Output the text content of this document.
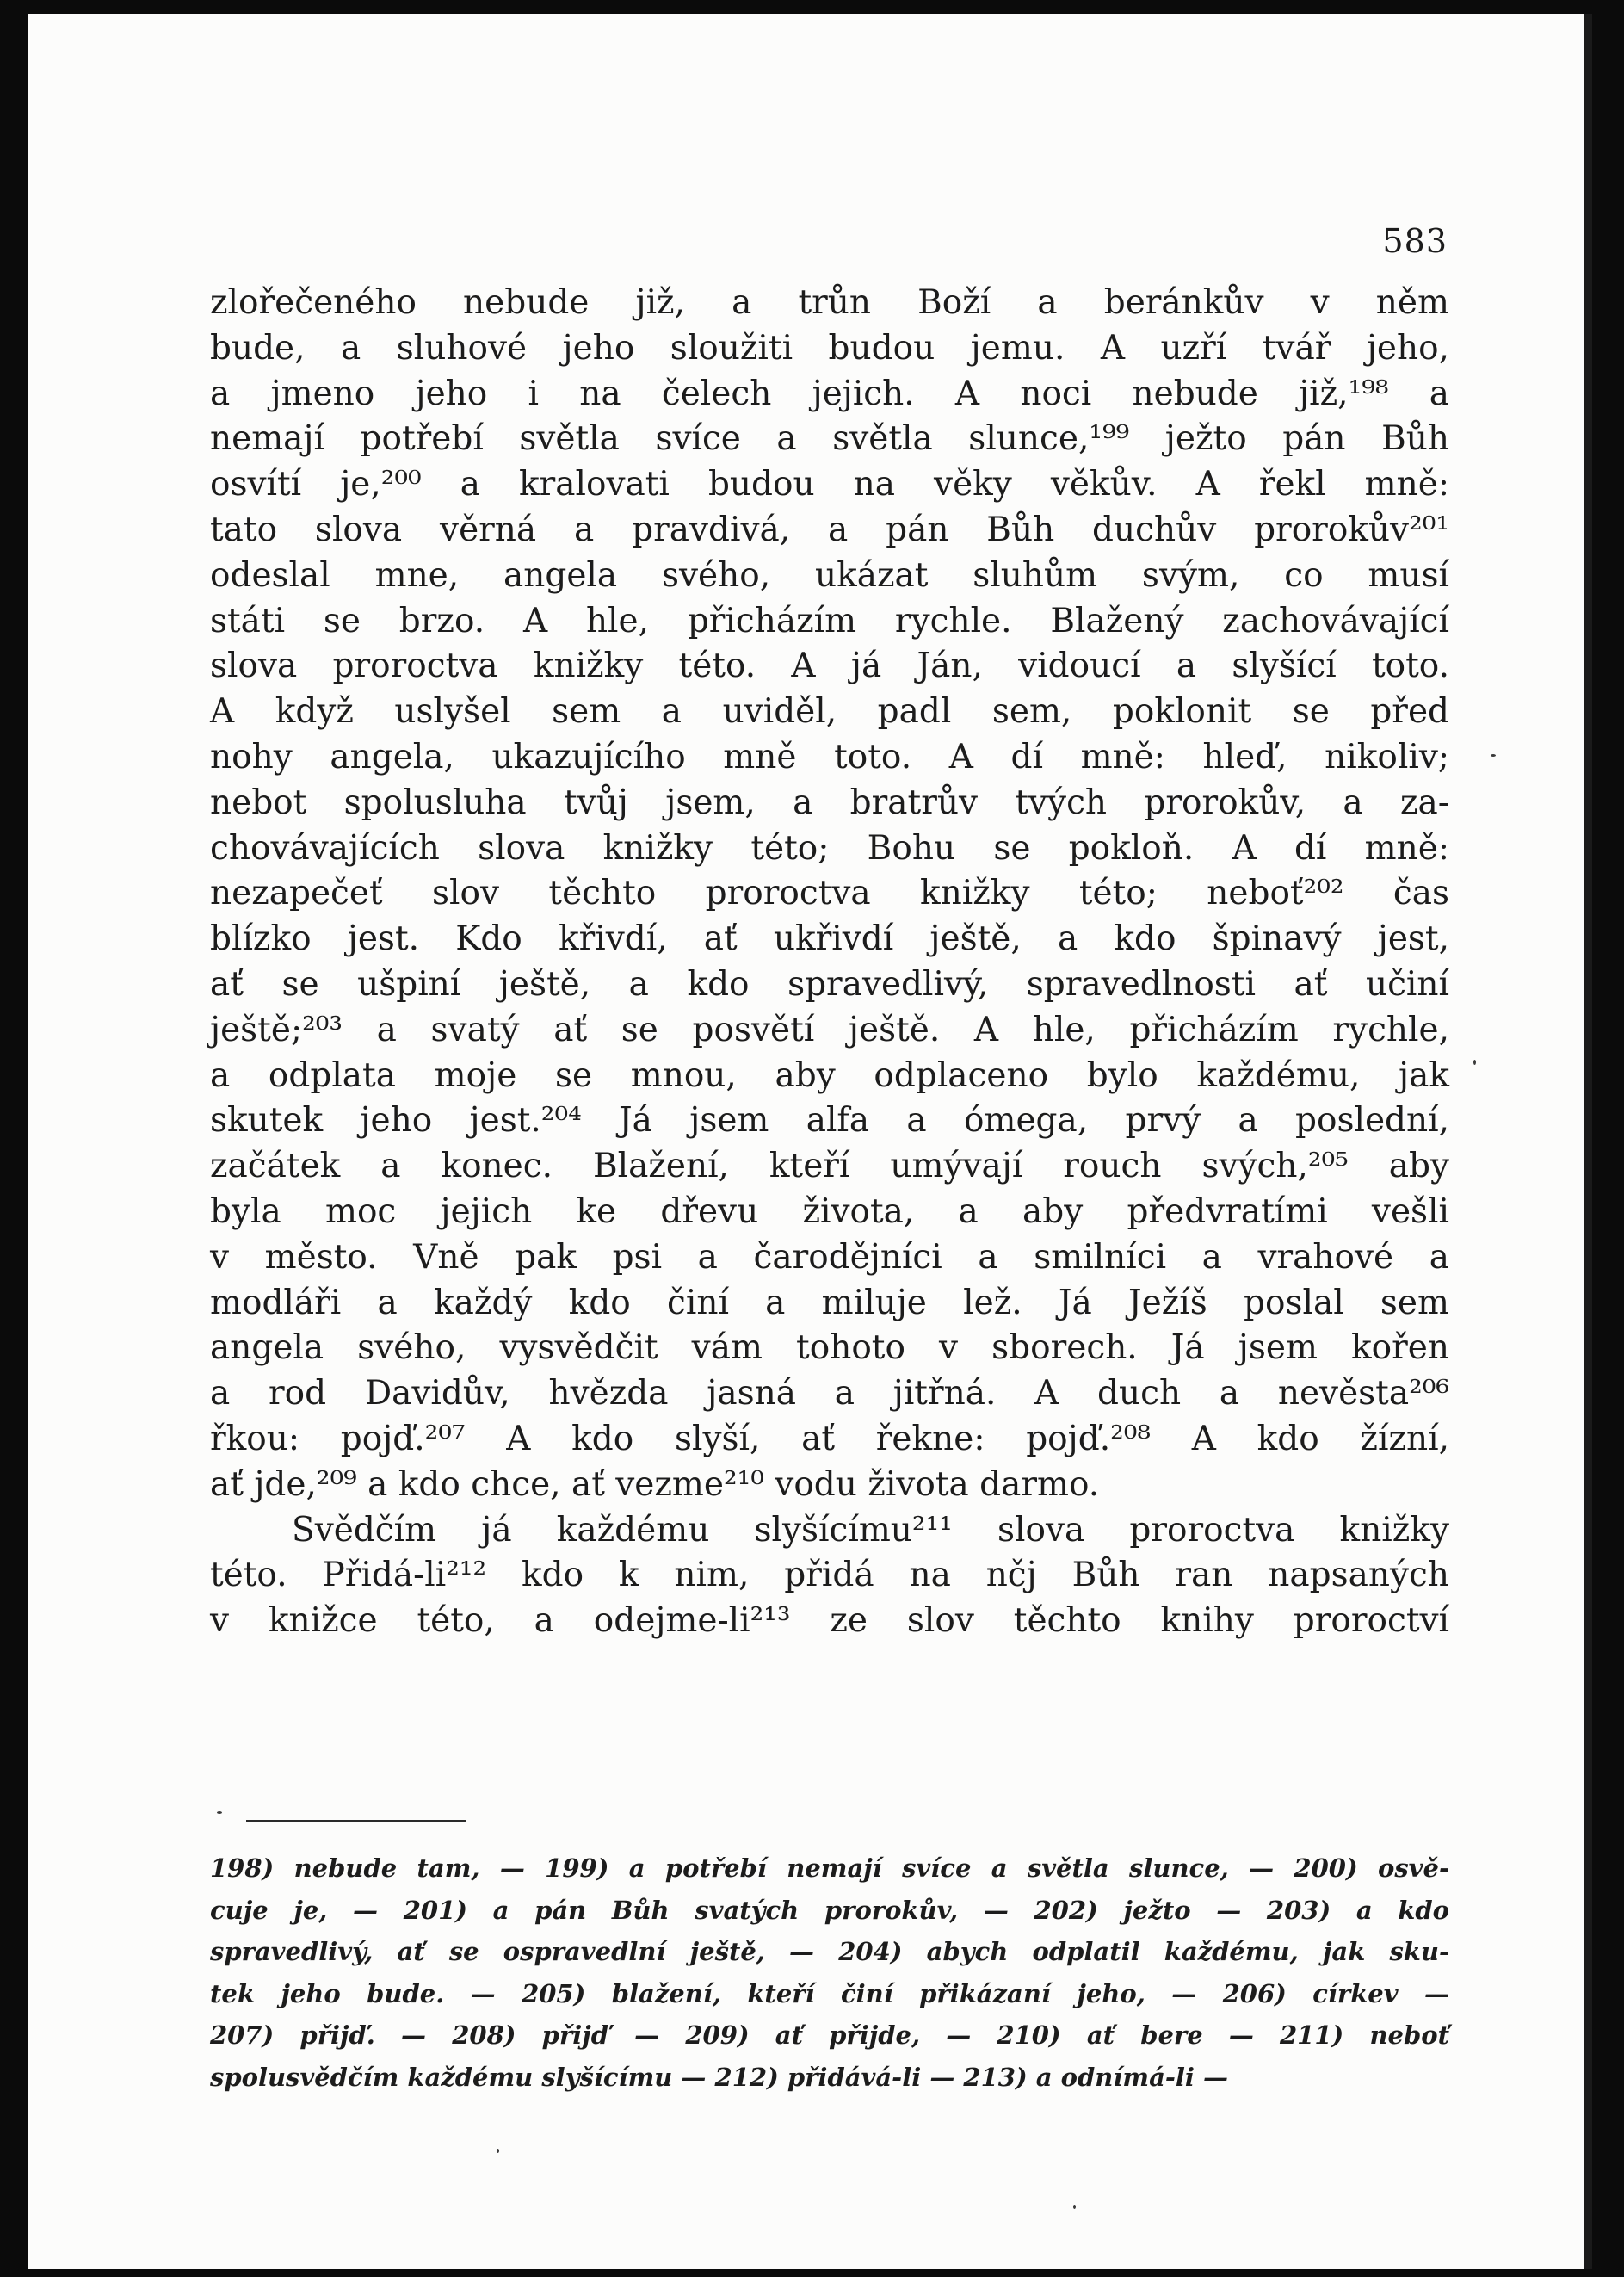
583
zlořečeného nebude již, a trůn Boží a beránkův v něm
bude, a sluhové jeho sloužiti budou jemu. A uzří tvář jeho,
a jmeno jeho i na čelech jejich. A noci nebude již,¹⁹⁸ a
nemají potřebí světla svíce a světla slunce,¹⁹⁹ ježto pán Bůh
osvítí je,²⁰⁰ a kralovati budou na věky věkův. A řekl mně:
tato slova věrná a pravdivá, a pán Bůh duchův prorokův²⁰¹
odeslal mne, angela svého, ukázat sluhům svým, co musí
státi se brzo. A hle, přicházím rychle. Blažený zachovávající
slova proroctva knižky této. A já Ján, vidoucí a slyšící toto.
A když uslyšel sem a uviděl, padl sem, poklonit se před
nohy angela, ukazujícího mně toto. A dí mně: hleď, nikoliv;
nebot spolusluha tvůj jsem, a bratrův tvých prorokův, a za-
chovávajících slova knižky této; Bohu se pokloň. A dí mně:
nezapečeť slov těchto proroctva knižky této; neboť²⁰² čas
blízko jest. Kdo křivdí, ať ukřivdí ještě, a kdo špinavý jest,
ať se ušpiní ještě, a kdo spravedlivý, spravedlnosti ať učiní
ještě;²⁰³ a svatý ať se posvětí ještě. A hle, přicházím rychle,
a odplata moje se mnou, aby odplaceno bylo každému, jak
skutek jeho jest.²⁰⁴ Já jsem alfa a ómega, prvý a poslední,
začátek a konec. Blažení, kteří umývají rouch svých,²⁰⁵ aby
byla moc jejich ke dřevu života, a aby předvratími vešli
v město. Vně pak psi a čarodějníci a smilníci a vrahové a
modláři a každý kdo činí a miluje lež. Já Ježíš poslal sem
angela svého, vysvědčit vám tohoto v sborech. Já jsem kořen
a rod Davidův, hvězda jasná a jitřná. A duch a nevěsta²⁰⁶
řkou: pojď.²⁰⁷ A kdo slyší, ať řekne: pojď.²⁰⁸ A kdo žízní,
ať jde,²⁰⁹ a kdo chce, ať vezme²¹⁰ vodu života darmo.
Svědčím já každému slyšícímu²¹¹ slova proroctva knižky
této. Přidá-li²¹² kdo k nim, přidá na nčj Bůh ran napsaných
v knižce této, a odejme-li²¹³ ze slov těchto knihy proroctví
198) nebude tam, — 199) a potřebí nemají svíce a světla slunce, — 200) osvě-
cuje je, — 201) a pán Bůh svatých prorokův, — 202) ježto — 203) a kdo
spravedlivý, ať se ospravedlní ještě, — 204) abych odplatil každému, jak sku-
tek jeho bude. — 205) blažení, kteří činí přikázaní jeho, — 206) církev —
207) přijď. — 208) přijď — 209) ať přijde, — 210) ať bere — 211) neboť
spolusvědčím každému slyšícímu — 212) přidává-li — 213) a odnímá-li —
